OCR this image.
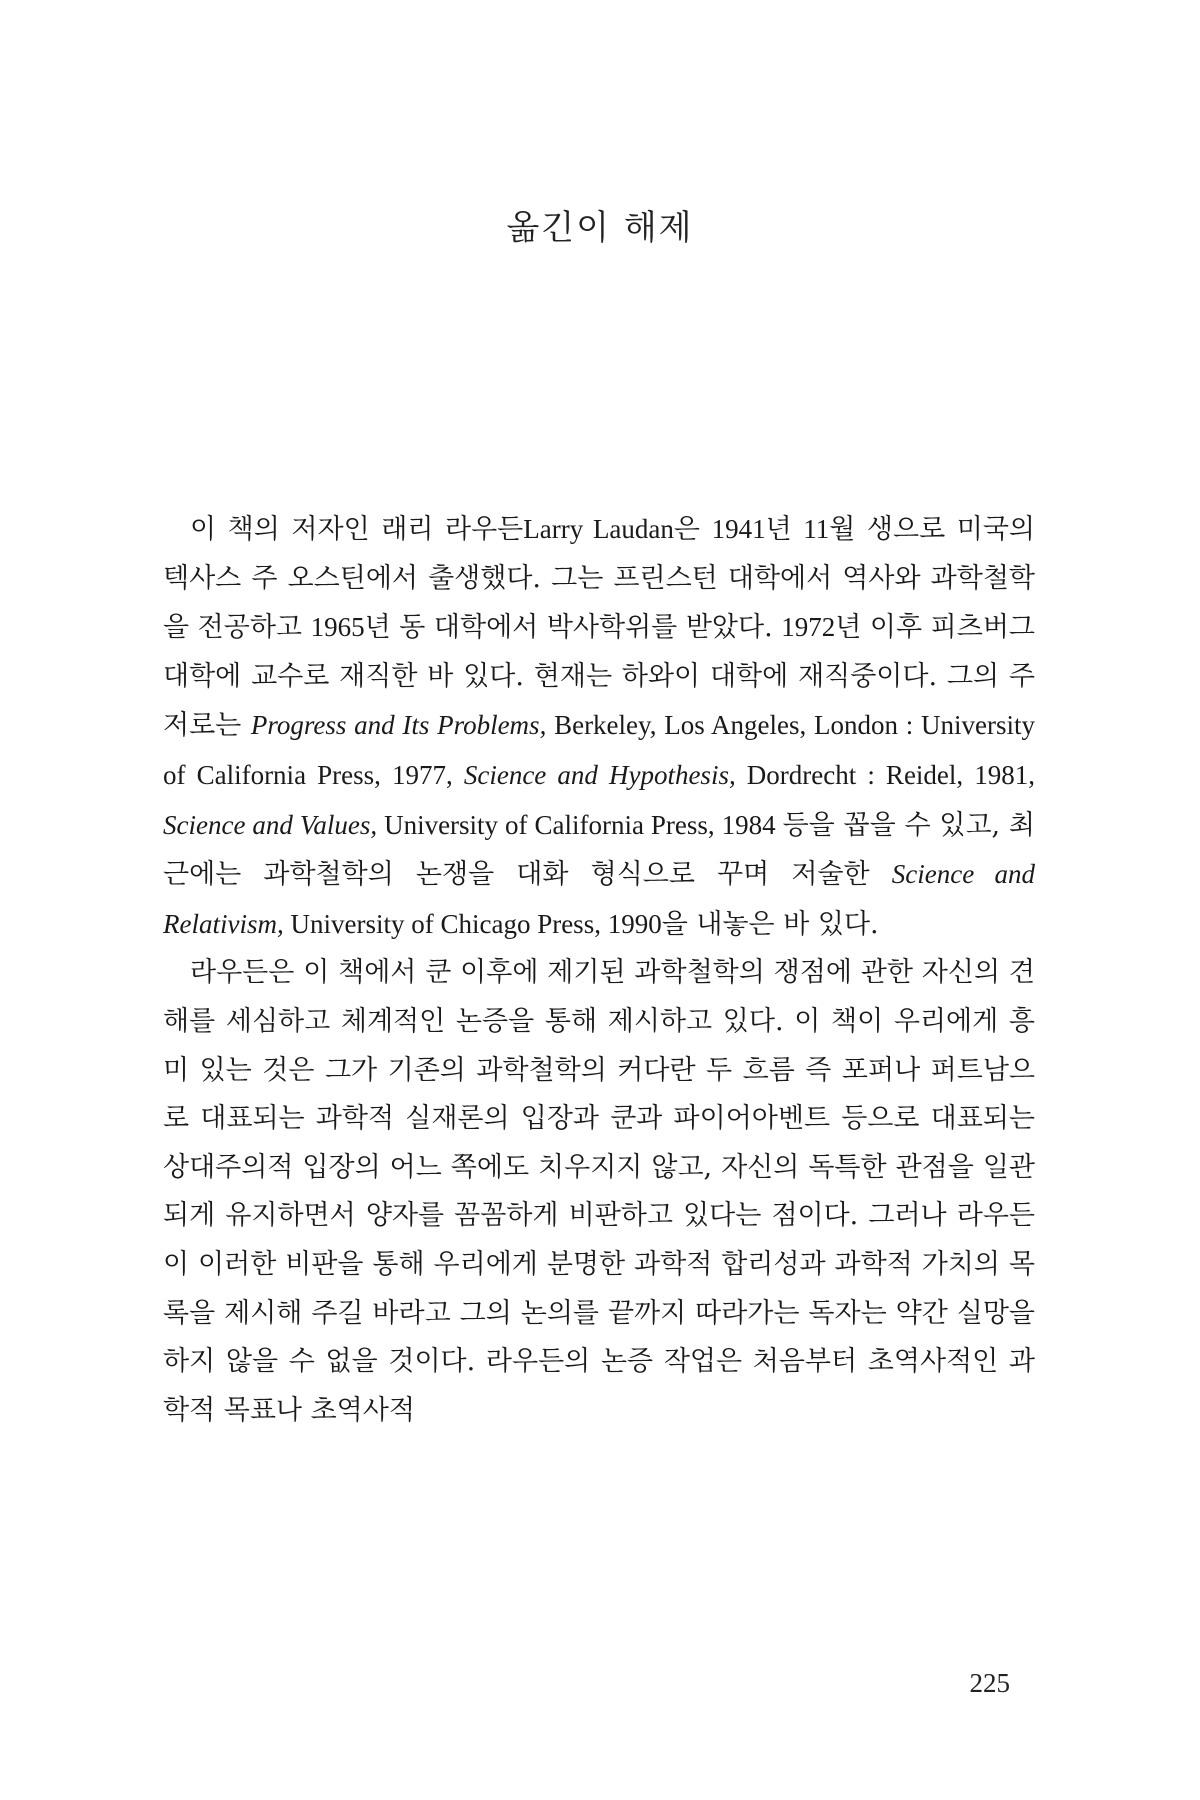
옮긴이 해제

이 책의 저자인 래리 라우든Larry Laudan은 1941년 11월 생으로 미국의 텍사스 주 오스틴에서 출생했다. 그는 프린스턴 대학에서 역사와 과학철학을 전공하고 1965년 동 대학에서 박사학위를 받았다. 1972년 이후 피츠버그 대학에 교수로 재직한 바 있다. 현재는 하와이 대학에 재직중이다. 그의 주저로는 Progress and Its Problems, Berkeley, Los Angeles, London : University of California Press, 1977, Science and Hypothesis, Dordrecht : Reidel, 1981, Science and Values, University of California Press, 1984 등을 꼽을 수 있고, 최근에는 과학철학의 논쟁을 대화 형식으로 꾸며 저술한 Science and Relativism, University of Chicago Press, 1990을 내놓은 바 있다.

라우든은 이 책에서 쿤 이후에 제기된 과학철학의 쟁점에 관한 자신의 견해를 세심하고 체계적인 논증을 통해 제시하고 있다. 이 책이 우리에게 흥미 있는 것은 그가 기존의 과학철학의 커다란 두 흐름 즉 포퍼나 퍼트남으로 대표되는 과학적 실재론의 입장과 쿤과 파이어아벤트 등으로 대표되는 상대주의적 입장의 어느 쪽에도 치우지지 않고, 자신의 독특한 관점을 일관되게 유지하면서 양자를 꼼꼼하게 비판하고 있다는 점이다. 그러나 라우든이 이러한 비판을 통해 우리에게 분명한 과학적 합리성과 과학적 가치의 목록을 제시해 주길 바라고 그의 논의를 끝까지 따라가는 독자는 약간 실망을 하지 않을 수 없을 것이다. 라우든의 논증 작업은 처음부터 초역사적인 과학적 목표나 초역사적

225
